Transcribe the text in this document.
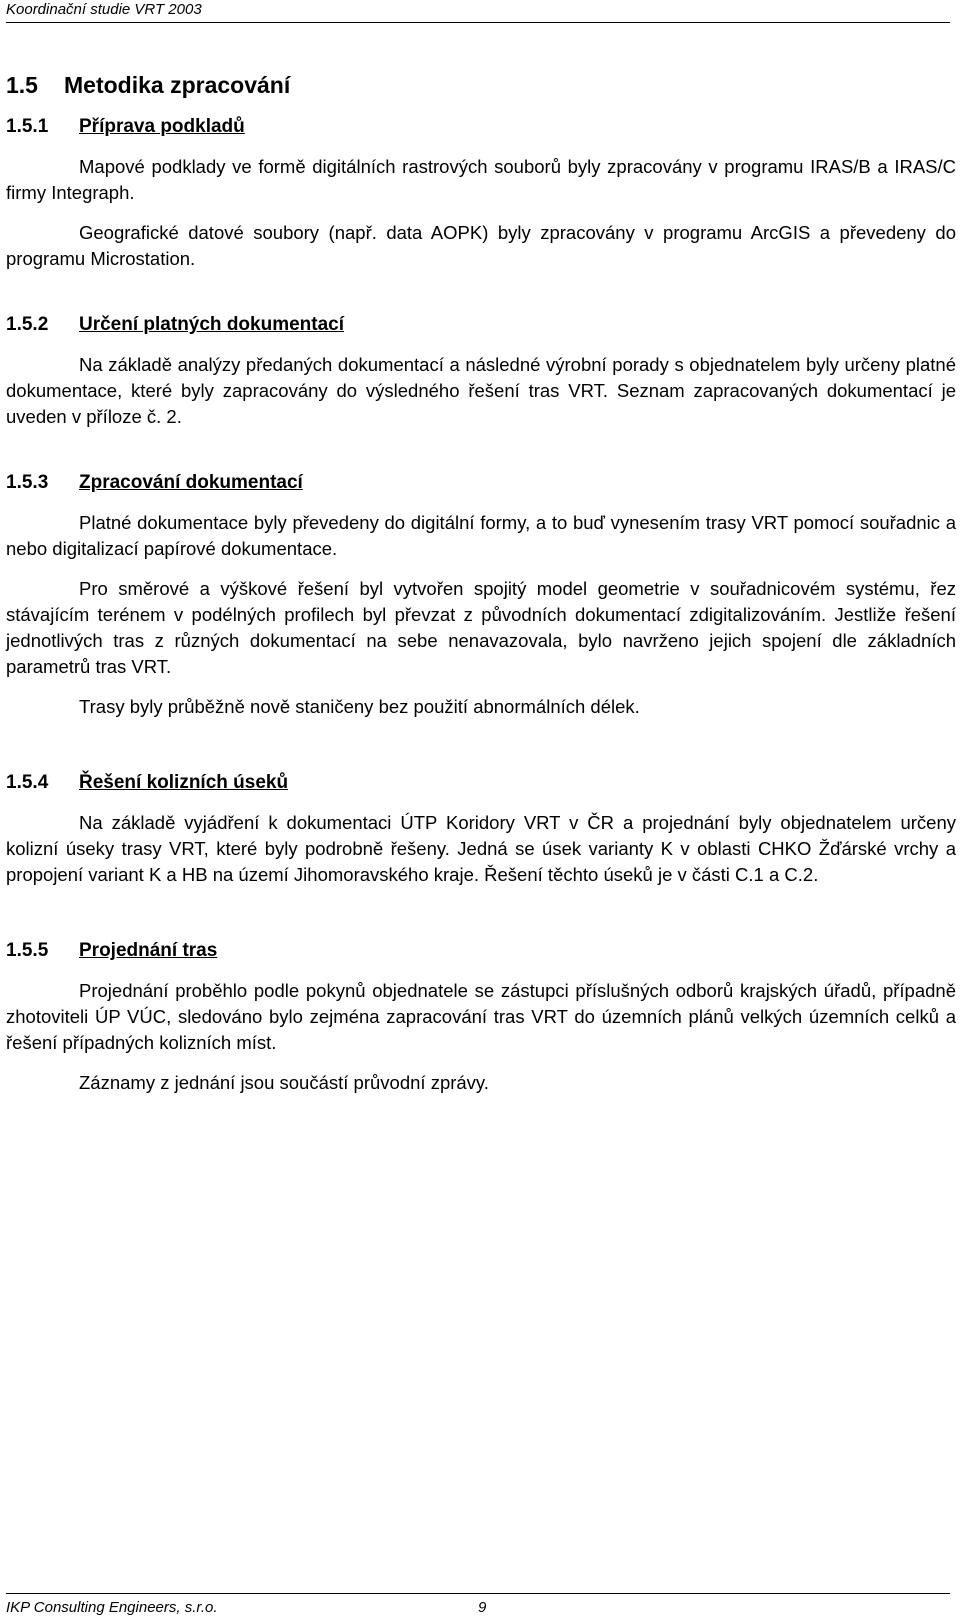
Koordinační studie VRT 2003
1.5 Metodika zpracování
1.5.1 Příprava podkladů

Mapové podklady ve formě digitálních rastrových souborů byly zpracovány v programu IRAS/B a IRAS/C firmy Integraph.

Geografické datové soubory (např. data AOPK) byly zpracovány v programu ArcGIS a převedeny do programu Microstation.

1.5.2 Určení platných dokumentací

Na základě analýzy předaných dokumentací a následné výrobní porady s objednatelem byly určeny platné dokumentace, které byly zapracovány do výsledného řešení tras VRT. Seznam zapracovaných dokumentací je uveden v příloze č. 2.

1.5.3 Zpracování dokumentací

Platné dokumentace byly převedeny do digitální formy, a to buď vynesením trasy VRT pomocí souřadnic a nebo digitalizací papírové dokumentace.

Pro směrové a výškové řešení byl vytvořen spojitý model geometrie v souřadnicovém systému, řez stávajícím terénem v podélných profilech byl převzat z původních dokumentací zdigitalizováním. Jestliže řešení jednotlivých tras z různých dokumentací na sebe nenavazovala, bylo navrženo jejich spojení dle základních parametrů tras VRT.

Trasy byly průběžně nově staničeny bez použití abnormálních délek.

1.5.4 Řešení kolizních úseků

Na základě vyjádření k dokumentaci ÚTP Koridory VRT v ČR a projednání byly objednatelem určeny kolizní úseky trasy VRT, které byly podrobně řešeny. Jedná se úsek varianty K v oblasti CHKO Žďárské vrchy a propojení variant K a HB na území Jihomoravského kraje. Řešení těchto úseků je v části C.1 a C.2.

1.5.5 Projednání tras

Projednání proběhlo podle pokynů objednatele se zástupci příslušných odborů krajských úřadů, případně zhotoviteli ÚP VÚC, sledováno bylo zejména zapracování tras VRT do územních plánů velkých územních celků a řešení případných kolizních míst.

Záznamy z jednání jsou součástí průvodní zprávy.

IKP Consulting Engineers, s.r.o.	9
